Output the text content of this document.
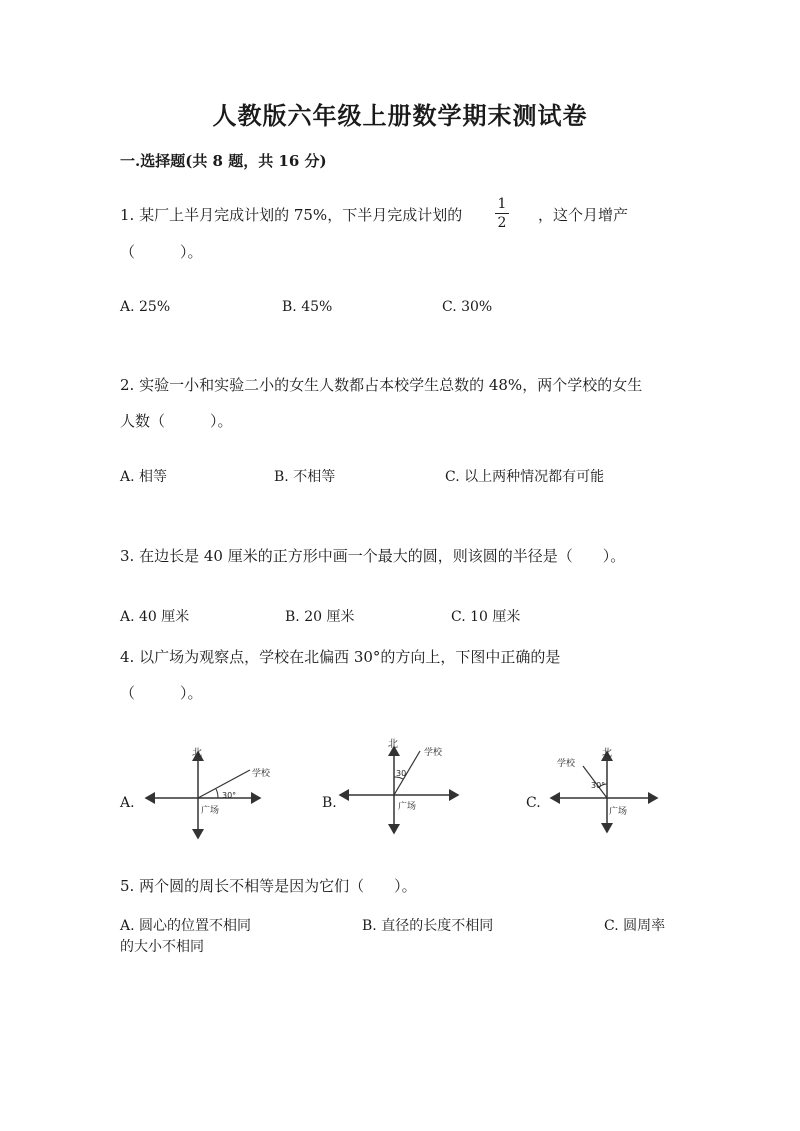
人教版六年级上册数学期末测试卷
一.选择题(共 8 题，共 16 分)
1. 某厂上半月完成计划的 75%，下半月完成计划的
1
2 ，这个月增产
（　　　）。
A. 25%	B. 45%	C. 30%
2. 实验一小和实验二小的女生人数都占本校学生总数的 48%，两个学校的女生
人数（　　　）。
A. 相等	B. 不相等	C. 以上两种情况都有可能
3. 在边长是 40 厘米的正方形中画一个最大的圆，则该圆的半径是（　　）。
A. 40 厘米	B. 20 厘米	C. 10 厘米
4. 以广场为观察点，学校在北偏西 30°的方向上，下图中正确的是
（　　　）。
A.	B.	C.
北
学校
30°
广场
北
学校
30
广场
北
学校
30°
广场
5. 两个圆的周长不相等是因为它们（　　）。
A. 圆心的位置不相同	B. 直径的长度不相同	C. 圆周率
的大小不相同
